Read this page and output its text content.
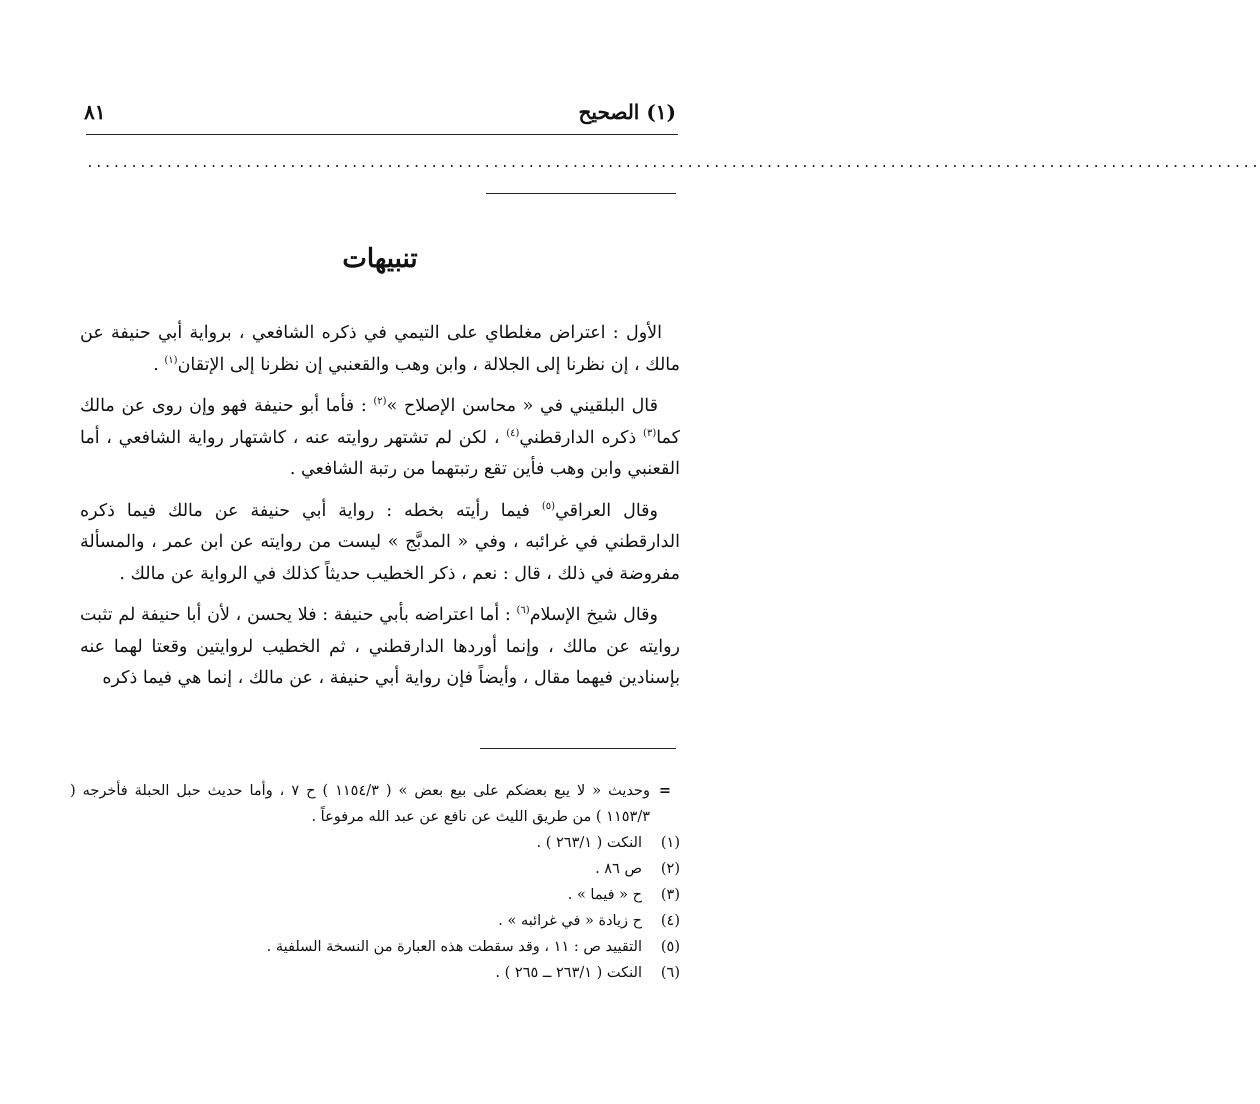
(١) الصحيح
٨١
.....................................................................................................................................
تنبيهات

الأول : اعتراض مغلطاي على التيمي في ذكره الشافعي ، برواية أبي حنيفة عن مالك ، إن نظرنا إلى الجلالة ، وابن وهب والقعنبي إن نظرنا إلى الإتقان$^{(١)}$ .

قال البلقيني في « محاسن الإصلاح »$^{(٢)}$ : فأما أبو حنيفة فهو وإن روى عن مالك كما$^{(٣)}$ ذكره الدارقطني$^{(٤)}$ ، لكن لم تشتهر روايته عنه ، كاشتهار رواية الشافعي ، أما القعنبي وابن وهب فأين تقع رتبتهما من رتبة الشافعي .

وقال العراقي$^{(٥)}$ فيما رأيته بخطه : رواية أبي حنيفة عن مالك فيما ذكره الدارقطني في غرائبه ، وفي « المدبَّج » ليست من روايته عن ابن عمر ، والمسألة مفروضة في ذلك ، قال : نعم ، ذكر الخطيب حديثاً كذلك في الرواية عن مالك .

وقال شيخ الإسلام$^{(٦)}$ : أما اعتراضه بأبي حنيفة : فلا يحسن ، لأن أبا حنيفة لم تثبت روايته عن مالك ، وإنما أوردها الدارقطني ، ثم الخطيب لروايتين وقعتا لهما عنه بإسنادين فيهما مقال ، وأيضاً فإن رواية أبي حنيفة ، عن مالك ، إنما هي فيما ذكره

=
وحديث « لا يبع بعضكم على بيع بعض » ( ١١٥٤/٣ ) ح ٧ ، وأما حديث حبل الحبلة فأخرجه ( ١١٥٣/٣ ) من طريق الليث عن نافع عن عبد الله مرفوعاً .
(١)
النكت ( ٢٦٣/١ ) .
(٢)
ص ٨٦ .
(٣)
ح « فيما » .
(٤)
ح زيادة « في غرائبه » .
(٥)
التقييد ص : ١١ ، وقد سقطت هذه العبارة من النسخة السلفية .
(٦)
النكت ( ٢٦٣/١ ــ ٢٦٥ ) .
